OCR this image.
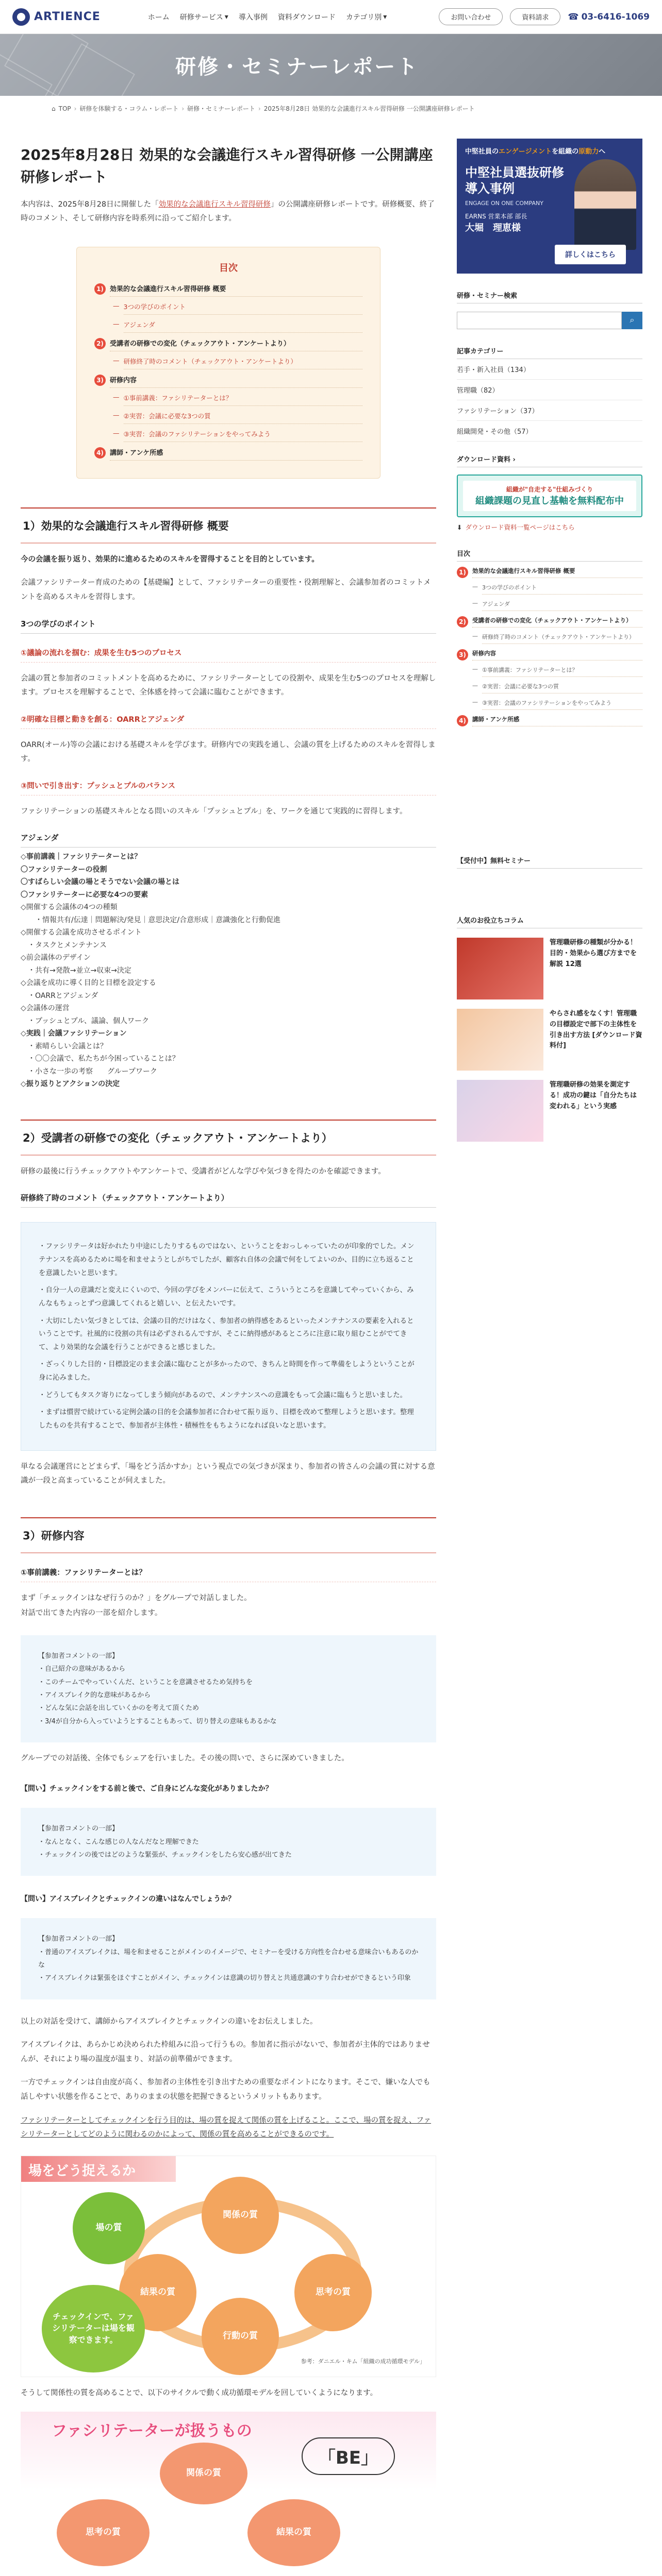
ARTIENCE	ホーム 研修サービス ▾ 導入事例 資料ダウンロード カテゴリ別 ▾	お問い合わせ	資料請求	☎ 03-6416-1069
研修・セミナーレポート
⌂ TOP › 研修を体験する・コラム・レポート › 研修・セミナーレポート › 2025年8月28日 効果的な会議進行スキル習得研修 一公開講座研修レポート
2025年8月28日 効果的な会議進行スキル習得研修 一公開講座研修レポート

本内容は、2025年8月28日に開催した「効果的な会議進行スキル習得研修」の公開講座研修レポートです。研修概要、終了時のコメント、そして研修内容を時系列に沿ってご紹介します。

目次
1) 効果的な会議進行スキル習得研修 概要
— 3つの学びのポイント
— アジェンダ
2) 受講者の研修での変化（チェックアウト・アンケートより）
— 研修終了時のコメント（チェックアウト・アンケートより）
3) 研修内容
— ①事前講義：ファシリテーターとは？
— ②実習：会議に必要な3つの質
— ③実習：会議のファシリテーションをやってみよう
4) 講師・アンケ所感
1）効果的な会議進行スキル習得研修 概要

今の会議を振り返り、効果的に進めるためのスキルを習得することを目的としています。

会議ファシリテーター育成のための【基礎編】として、ファシリテーターの重要性・役割理解と、会議参加者のコミットメントを高めるスキルを習得します。

3つの学びのポイント
①議論の流れを掴む：成果を生む5つのプロセス

会議の質と参加者のコミットメントを高めるために、ファシリテーターとしての役割や、成果を生む5つのプロセスを理解します。プロセスを理解することで、全体感を持って会議に臨むことができます。

②明確な目標と動きを創る：OARRとアジェンダ

OARR(オール)等の会議における基礎スキルを学びます。研修内での実践を通し、会議の質を上げるためのスキルを習得します。

③問いで引き出す：プッシュとプルのバランス

ファシリテーションの基礎スキルとなる問いのスキル「プッシュとプル」を、ワークを通じて実践的に習得します。

アジェンダ
◇事前講義｜ファシリテーターとは？
〇ファシリテーターの役割
〇すばらしい会議の場とそうでない会議の場とは
〇ファシリテーターに必要な4つの要素
◇開催する会議体の4つの種類
・情報共有/伝達｜問題解決/発見｜意思決定/合意形成｜意識強化と行動促進
◇開催する会議を成功させるポイント
・タスクとメンテナンス
◇前会議体のデザイン
・共有→発散→並立→収束→決定
◇会議を成功に導く目的と目標を設定する
・OARRとアジェンダ
◇会議体の運営
・プッシュとプル、議論、個人ワーク
◇実践｜会議ファシリテーション
・素晴らしい会議とは？
・〇〇会議で、私たちが今困っていることは？
・小さな一歩の考察　　グループワーク
◇振り返りとアクションの決定
2）受講者の研修での変化（チェックアウト・アンケートより）

研修の最後に行うチェックアウトやアンケートで、受講者がどんな学びや気づきを得たのかを確認できます。

研修終了時のコメント（チェックアウト・アンケートより）

・ファシリテータは好かれたり中途にしたりするものではない、ということをおっしゃっていたのが印象的でした。メンテナンスを高めるために場を和ませようとしがちでしたが、顧客れ自体の会議で何をしてよいのか、目的に立ち返ることを意識したいと思います。

・自分一人の意識だと変えにくいので、今回の学びをメンバーに伝えて、こういうところを意識してやっていくから、みんなもちょっとずつ意識してくれると嬉しい、と伝えたいです。

・大切にしたい気づきとしては、会議の目的だけはなく、参加者の納得感をあるといったメンテナンスの要素を入れるということです。社風的に役割の共有は必ずされるんですが、そこに納得感があるところに注意に取り組むことがでてきて、より効果的な会議を行うことができると感じました。

・ざっくりした目的・目標設定のまま会議に臨むことが多かったので、きちんと時間を作って準備をしようということが身に沁みました。

・どうしてもタスク寄りになってしまう傾向があるので、メンテナンスへの意識をもって会議に臨もうと思いました。

・まずは慣習で続けている定例会議の目的を会議参加者に合わせて振り返り、目標を改めて整理しようと思います。整理したものを共有することで、参加者が主体性・積極性をもちようになれば良いなと思います。

単なる会議運営にとどまらず、「場をどう活かすか」という視点での気づきが深まり、参加者の皆さんの会議の質に対する意識が一段と高まっていることが伺えました。

3）研修内容
①事前講義：ファシリテーターとは？

まず「チェックインはなぜ行うのか？」をグループで対話しました。

対話で出てきた内容の一部を紹介します。

【参加者コメントの一部】
・自己紹介の意味があるから
・このチームでやっていくんだ、ということを意識させるため気持ちを
・アイスブレイク的な意味があるから
・どんな気に会話を出していくかのを考えて頂くため
・3/4が自分から入っていようとすることもあって、切り替えの意味もあるかな

グループでの対話後、全体でもシェアを行いました。その後の問いで、さらに深めていきました。

【問い】チェックインをする前と後で、ご自身にどんな変化がありましたか？
【参加者コメントの一部】
・なんとなく、こんな感じの人なんだなと理解できた
・チェックインの後ではどのような緊張が、チェックインをしたら安心感が出てきた
【問い】アイスブレイクとチェックインの違いはなんでしょうか？
【参加者コメントの一部】
・普通のアイスブレイクは、場を和ませることがメインのイメージで、セミナーを受ける方向性を合わせる意味合いもあるのかな
・アイスブレイクは緊張をほぐすことがメイン、チェックインは意識の切り替えと共通意識のすり合わせができるという印象

以上の対話を受けて、講師からアイスブレイクとチェックインの違いをお伝えしました。

アイスブレイクは、あらかじめ決められた枠組みに沿って行うもの。参加者に指示がないで、参加者が主体的ではありませんが、それにより場の温度が温まり、対話の前準備ができます。

一方でチェックインは自由度が高く、参加者の主体性を引き出すための重要なポイントになります。そこで、嫌いな人でも話しやすい状態を作ることで、ありのままの状態を把握できるというメリットもあります。

ファシリテーターとしてチェックインを行う目的は、場の質を捉えて関係の質を上げること。ここで、場の質を捉え、ファシリテーターとしてどのように関わるのかによって、関係の質を高めることができるのです。

場をどう捉えるか
場の質
関係の質
結果の質	思考の質
行動の質
チェックインで、ファシリテーターは場を観察できます。
参考：ダニエル・キム「組織の成功循環モデル」

そうして関係性の質を高めることで、以下のサイクルで動く成功循環モデルを回していくようになります。

ファシリテーターが扱うもの
「BE」
関係の質
思考の質	結果の質
中堅社員のエンゲージメントを組織の原動力へ
中堅社員選抜研修
導入事例
ENGAGE ON ONE COMPANY
EARNS 営業本部 部長
大堀　理恵様
詳しくはこちら
研修・セミナー検索
⌕
記事カテゴリー
若手・新入社員（134）
管理職（82）
ファシリテーション（37）
組織開発・その他（57）
ダウンロード資料 ›
組織が"自走する"仕組みづくり
組織課題の見直し基軸を無料配布中
⬇ ダウンロード資料一覧ページはこちら
目次
1)	効果的な会議進行スキル習得研修 概要
— 3つの学びのポイント
— アジェンダ
2)	受講者の研修での変化（チェックアウト・アンケートより）
— 研修終了時のコメント（チェックアウト・アンケートより）
3)	研修内容
— ①事前講義：ファシリテーターとは？
— ②実習：会議に必要な3つの質
— ③実習：会議のファシリテーションをやってみよう
4)	講師・アンケ所感
【受付中】無料セミナー
人気のお役立ちコラム
管理職研修の種類が分かる！目的・効果から選び方までを解説 12選
やらされ感をなくす！管理職の目標設定で部下の主体性を引き出す方法 [ダウンロード資料付]
管理職研修の効果を測定する！成功の鍵は「自分たちは変われる」という実感
